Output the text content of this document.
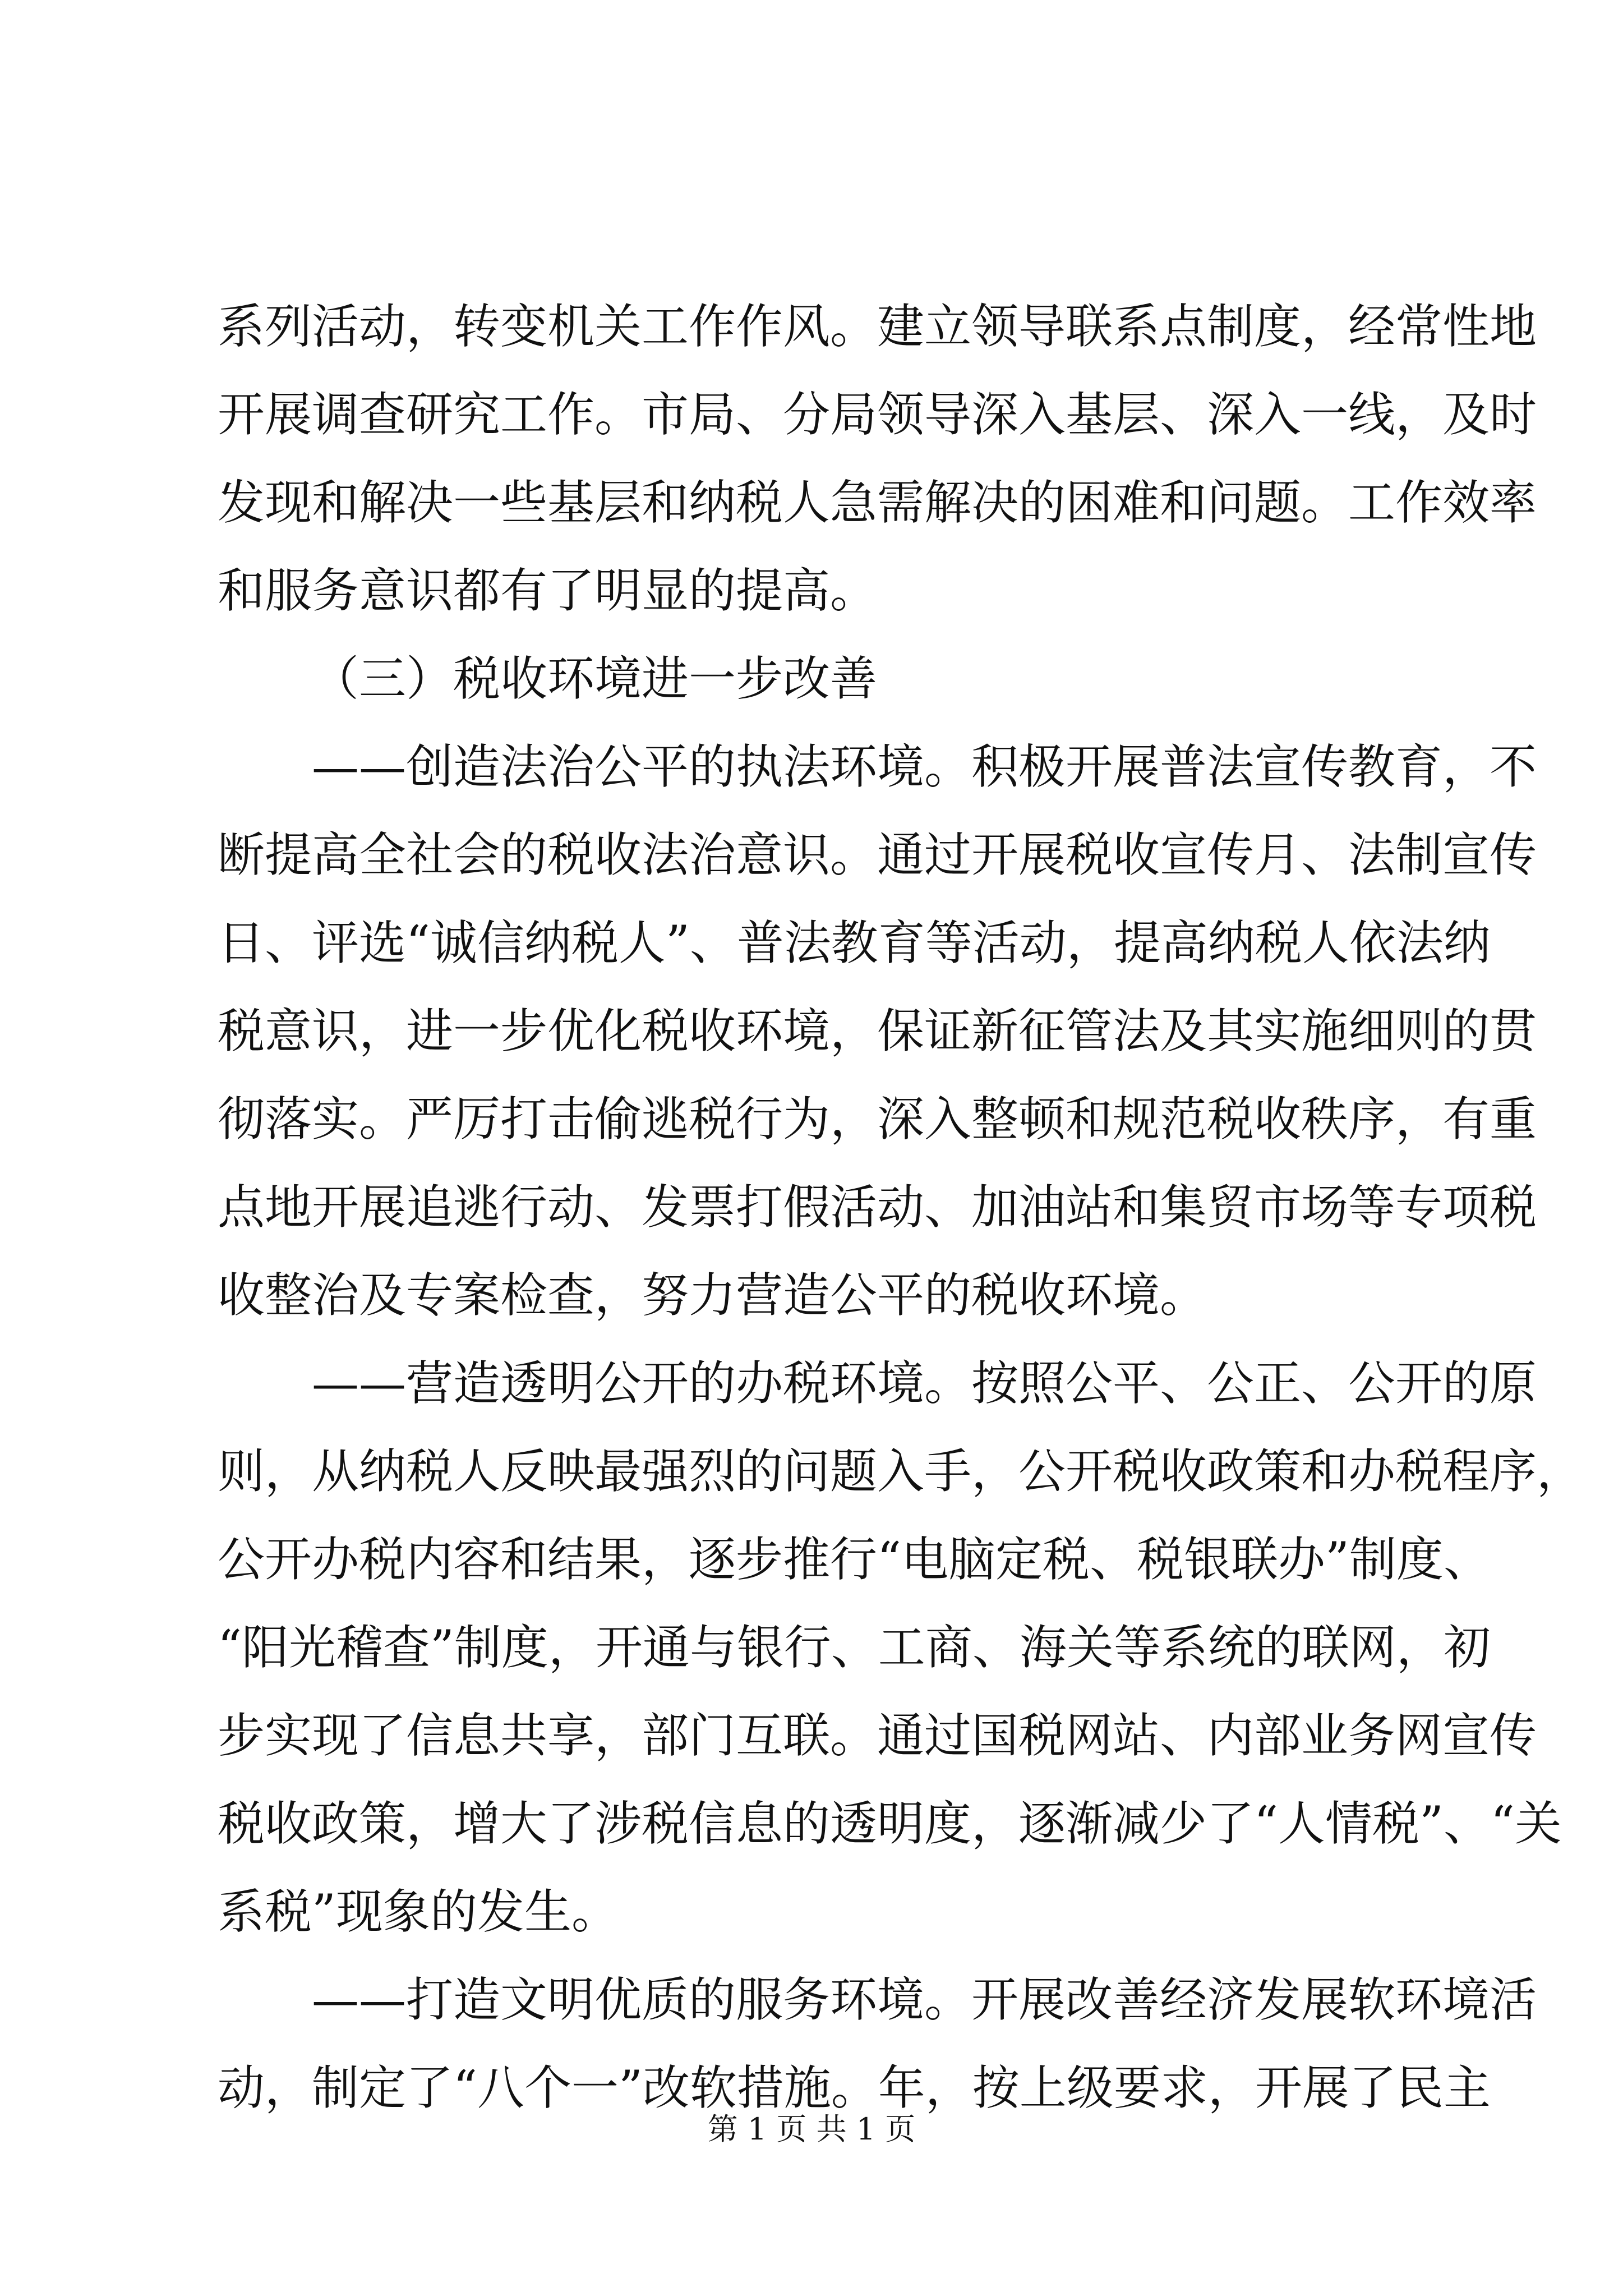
系列活动，转变机关工作作风。建立领导联系点制度，经常性地
开展调查研究工作。市局、分局领导深入基层、深入一线，及时
发现和解决一些基层和纳税人急需解决的困难和问题。工作效率
和服务意识都有了明显的提高。
（三）税收环境进一步改善
——创造法治公平的执法环境。积极开展普法宣传教育，不
断提高全社会的税收法治意识。通过开展税收宣传月、法制宣传
日、评选“诚信纳税人”、普法教育等活动，提高纳税人依法纳
税意识，进一步优化税收环境，保证新征管法及其实施细则的贯
彻落实。严厉打击偷逃税行为，深入整顿和规范税收秩序，有重
点地开展追逃行动、发票打假活动、加油站和集贸市场等专项税
收整治及专案检查，努力营造公平的税收环境。
——营造透明公开的办税环境。按照公平、公正、公开的原
则，从纳税人反映最强烈的问题入手，公开税收政策和办税程序，
公开办税内容和结果，逐步推行“电脑定税、税银联办”制度、
“阳光稽查”制度，开通与银行、工商、海关等系统的联网，初
步实现了信息共享，部门互联。通过国税网站、内部业务网宣传
税收政策，增大了涉税信息的透明度，逐渐减少了“人情税”、“关
系税”现象的发生。
——打造文明优质的服务环境。开展改善经济发展软环境活
动，制定了“八个一”改软措施。年，按上级要求，开展了民主
第 1 页 共 1 页
